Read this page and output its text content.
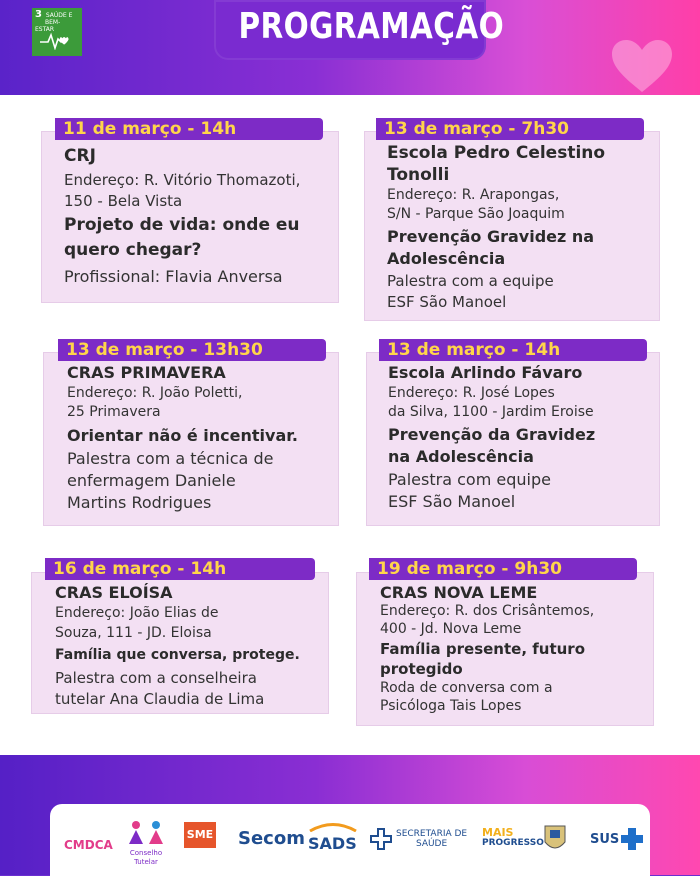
3 SAÚDE E
BEM-ESTAR	PROGRAMAÇÃO
11 de março - 14h
CRJ
Endereço: R. Vitório Thomazoti,
150 - Bela Vista
Projeto de vida: onde eu
quero chegar?
Profissional: Flavia Anversa
13 de março - 7h30
Escola Pedro Celestino
Tonolli
Endereço: R. Arapongas,
S/N - Parque São Joaquim
Prevenção Gravidez na
Adolescência
Palestra com a equipe
ESF São Manoel
13 de março - 13h30
CRAS PRIMAVERA
Endereço: R. João Poletti,
25 Primavera
Orientar não é incentivar.
Palestra com a técnica de
enfermagem Daniele
Martins Rodrigues
13 de março - 14h
Escola Arlindo Fávaro
Endereço: R. José Lopes
da Silva, 1100 - Jardim Eroise
Prevenção da Gravidez
na Adolescência
Palestra com equipe
ESF São Manoel
16 de março - 14h
CRAS ELOÍSA
Endereço: João Elias de
Souza, 111 - JD. Eloisa
Família que conversa, protege.
Palestra com a conselheira
tutelar Ana Claudia de Lima
19 de março - 9h30
CRAS NOVA LEME
Endereço: R. dos Crisântemos,
400 - Jd. Nova Leme
Família presente, futuro
protegido
Roda de conversa com a
Psicóloga Tais Lopes
CMDCA

Conselho Tutelar
SME Secom SADS	SECRETARIA DE
SAÚDE
MAIS
PROGRESSO	SUS
